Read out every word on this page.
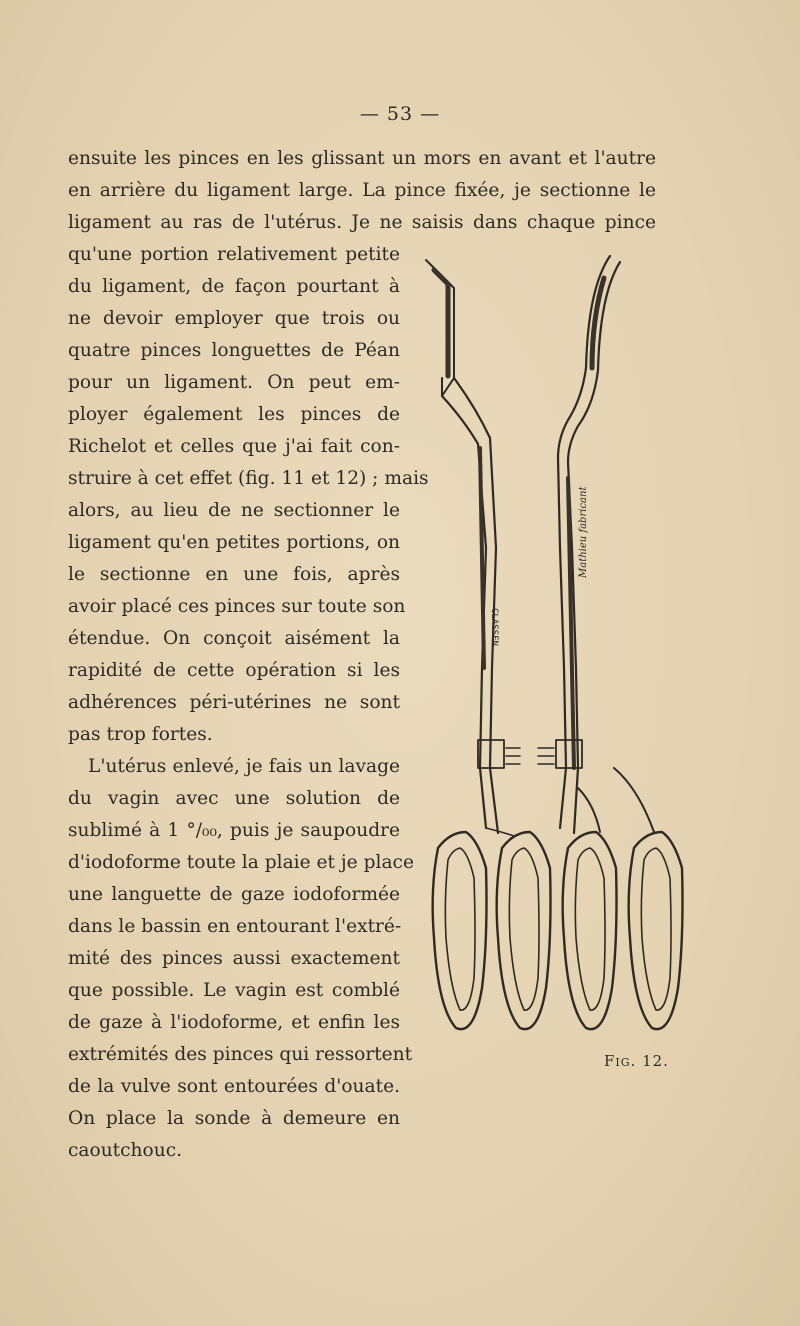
— 53 —

ensuite les pinces en les glissant un mors en avant et l'autre

en arrière du ligament large. La pince fixée, je sectionne le

ligament au ras de l'utérus. Je ne saisis dans chaque pince

qu'une portion relativement petite

du ligament, de façon pourtant à

ne devoir employer que trois ou

quatre pinces longuettes de Péan

pour un ligament. On peut em-

ployer également les pinces de

Richelot et celles que j'ai fait con-

struire à cet effet (fig. 11 et 12) ; mais

alors, au lieu de ne sectionner le

ligament qu'en petites portions, on

le sectionne en une fois, après

avoir placé ces pinces sur toute son

étendue. On conçoit aisément la

rapidité de cette opération si les

adhérences péri-utérines ne sont

pas trop fortes.

L'utérus enlevé, je fais un lavage

du vagin avec une solution de

sublimé à 1 °/₀₀, puis je saupoudre

d'iodoforme toute la plaie et je place

une languette de gaze iodoformée

dans le bassin en entourant l'extré-

mité des pinces aussi exactement

que possible. Le vagin est comblé

de gaze à l'iodoforme, et enfin les

extrémités des pinces qui ressortent

de la vulve sont entourées d'ouate.

On place la sonde à demeure en

caoutchouc.

CLASSEN
Mathieu fabricant
Fig. 12.
